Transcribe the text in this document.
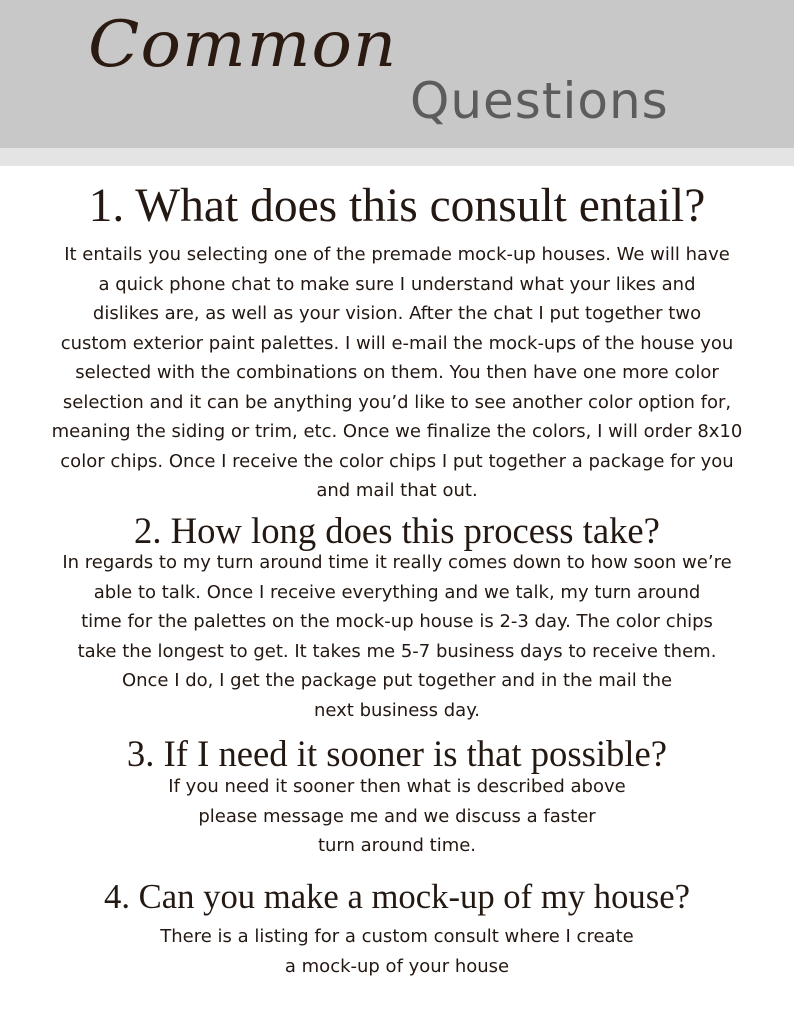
Common
Questions
1. What does this consult entail?
It entails you selecting one of the premade mock-up houses. We will have
a quick phone chat to make sure I understand what your likes and
dislikes are, as well as your vision. After the chat I put together two
custom exterior paint palettes. I will e-mail the mock-ups of the house you
selected with the combinations on them. You then have one more color
selection and it can be anything you’d like to see another color option for,
meaning the siding or trim, etc. Once we finalize the colors, I will order 8x10
color chips. Once I receive the color chips I put together a package for you
and mail that out.
2. How long does this process take?
In regards to my turn around time it really comes down to how soon we’re
able to talk. Once I receive everything and we talk, my turn around
time for the palettes on the mock-up house is 2-3 day. The color chips
take the longest to get. It takes me 5-7 business days to receive them.
Once I do, I get the package put together and in the mail the
next business day.
3. If I need it sooner is that possible?
If you need it sooner then what is described above
please message me and we discuss a faster
turn around time.
4. Can you make a mock-up of my house?
There is a listing for a custom consult where I create
a mock-up of your house
